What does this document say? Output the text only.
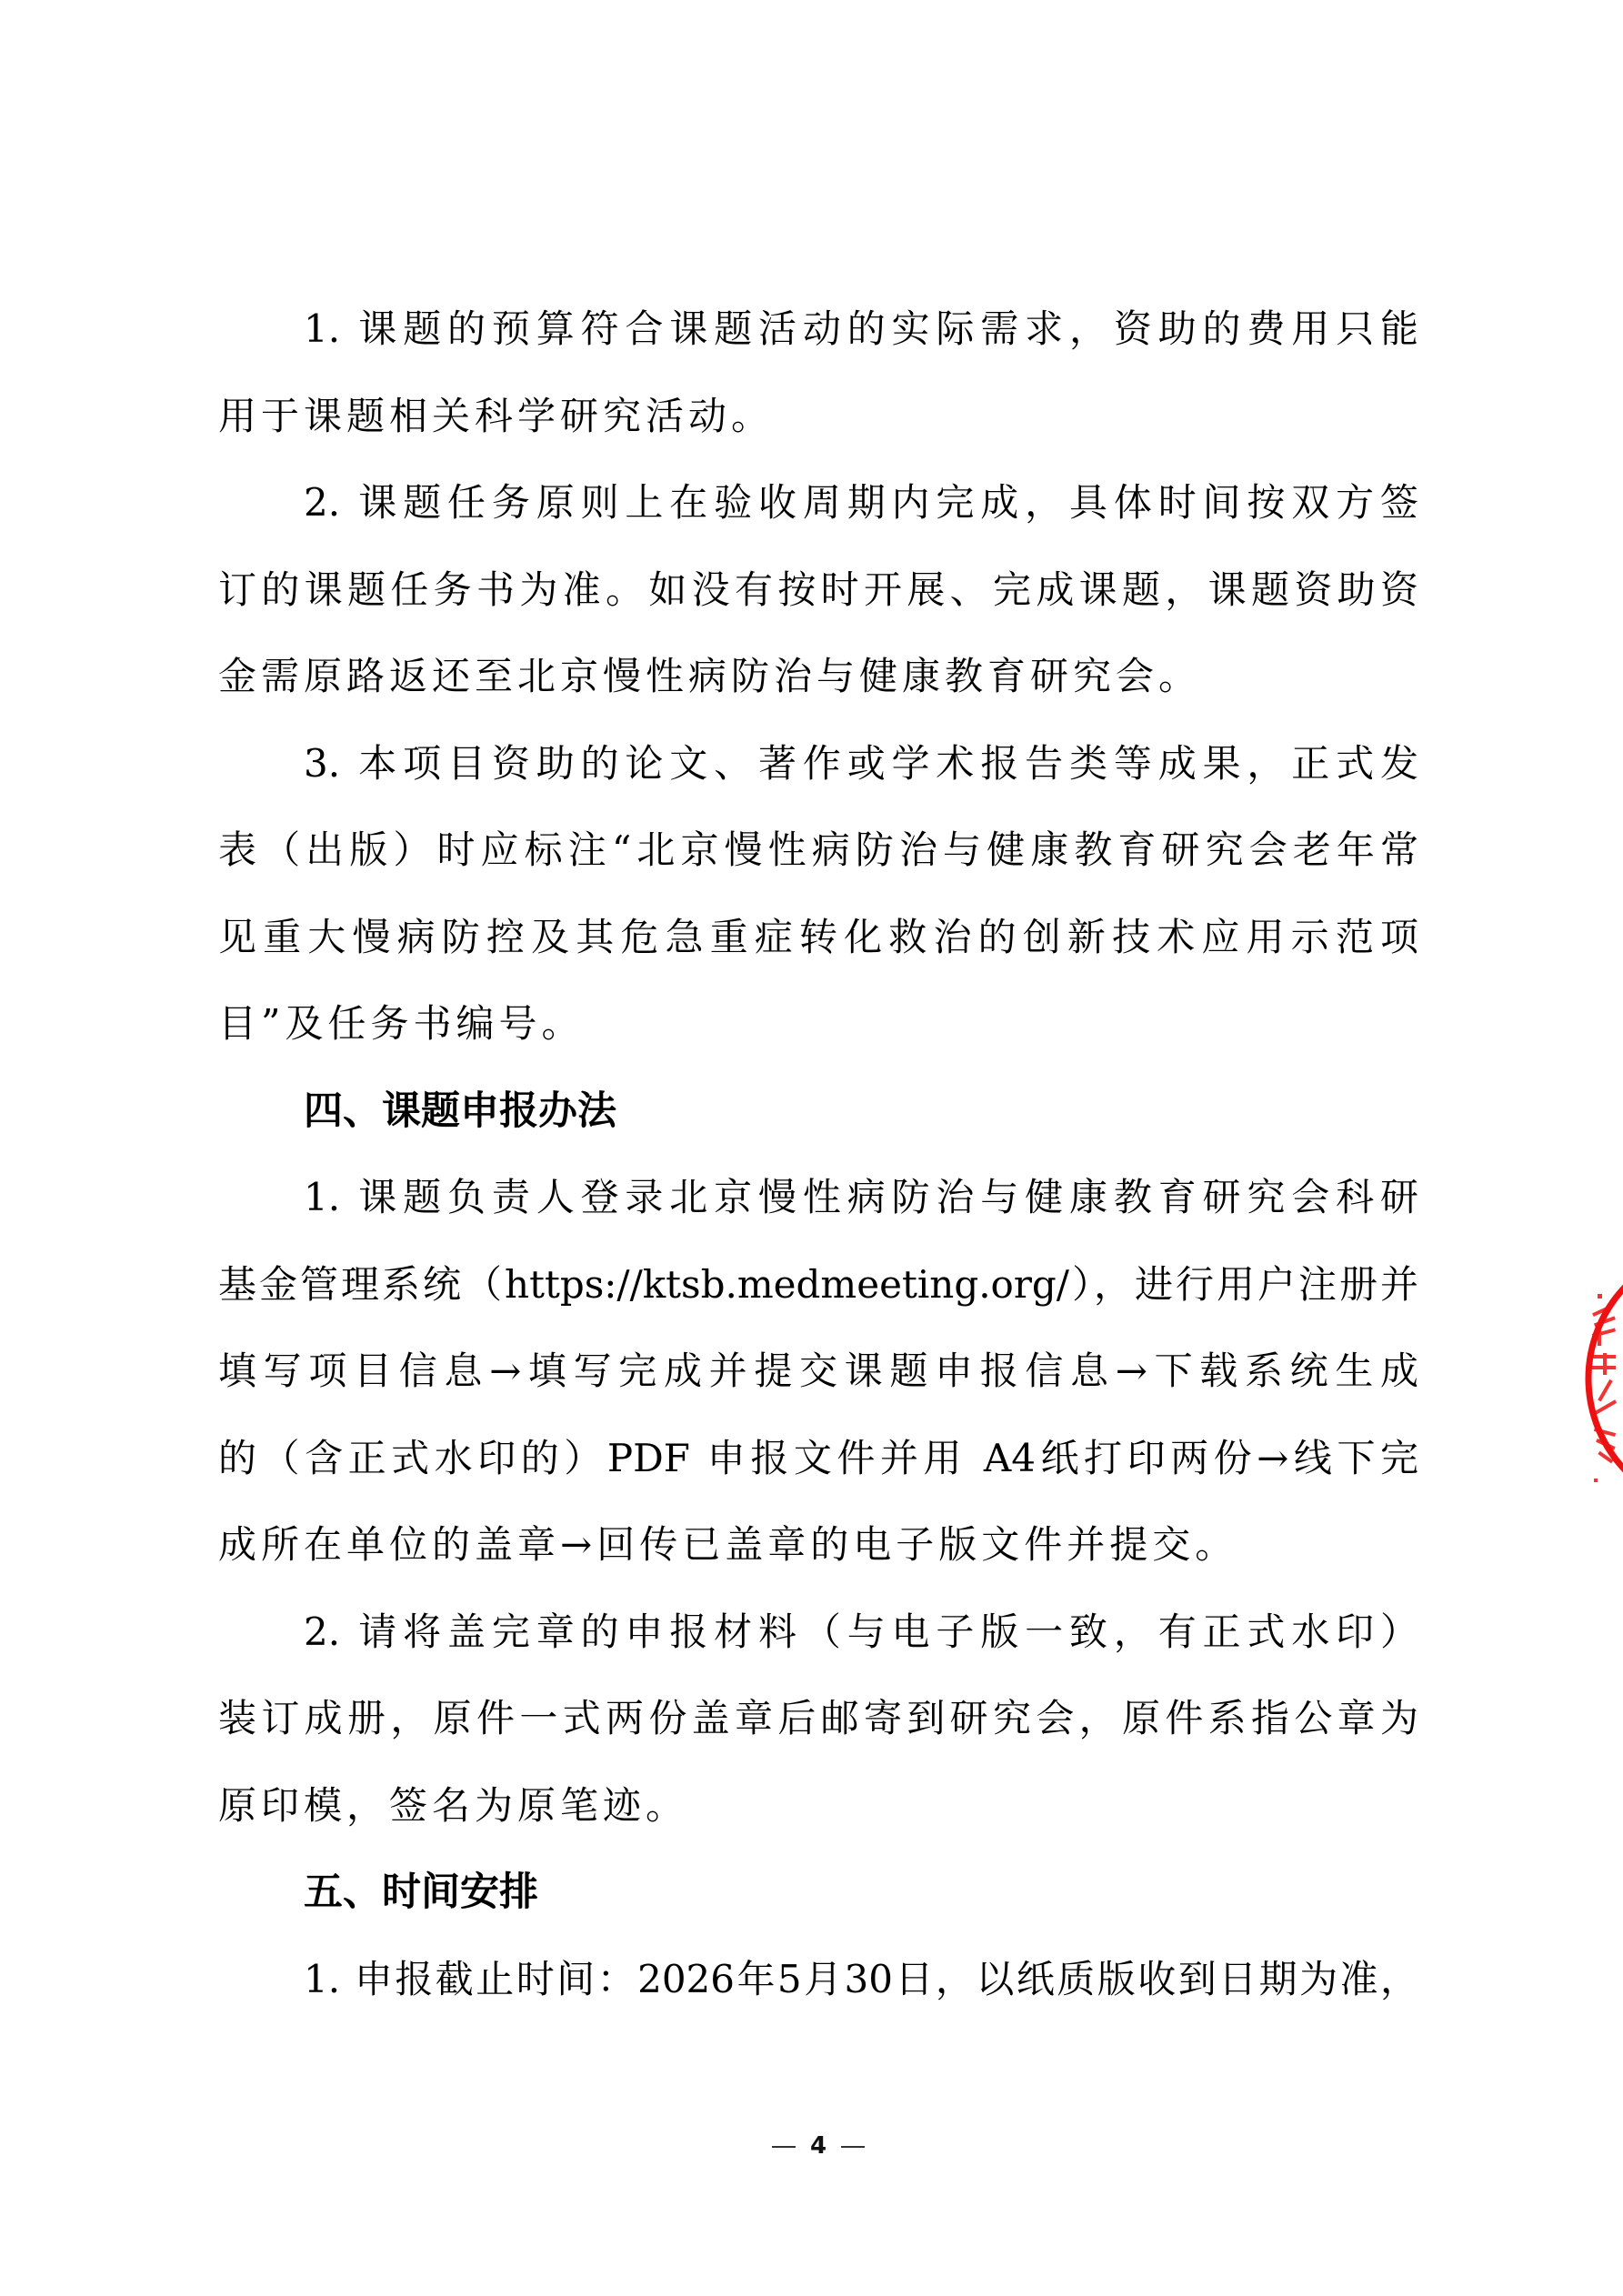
1. 课题的预算符合课题活动的实际需求，资助的费用只能
用于课题相关科学研究活动。
2. 课题任务原则上在验收周期内完成，具体时间按双方签
订的课题任务书为准。如没有按时开展、完成课题，课题资助资
金需原路返还至北京慢性病防治与健康教育研究会。
3. 本项目资助的论文、著作或学术报告类等成果，正式发
表（出版）时应标注“北京慢性病防治与健康教育研究会老年常
见重大慢病防控及其危急重症转化救治的创新技术应用示范项
目”及任务书编号。
四、课题申报办法
1. 课题负责人登录北京慢性病防治与健康教育研究会科研
基金管理系统（https://ktsb.medmeeting.org/），进行用户注册并
填写项目信息→填写完成并提交课题申报信息→下载系统生成
的（含正式水印的）PDF 申报文件并用 A4纸打印两份→线下完
成所在单位的盖章→回传已盖章的电子版文件并提交。
2. 请将盖完章的申报材料（与电子版一致，有正式水印）
装订成册，原件一式两份盖章后邮寄到研究会，原件系指公章为
原印模，签名为原笔迹。
五、时间安排
1. 申报截止时间：2026年5月30日，以纸质版收到日期为准，
4
